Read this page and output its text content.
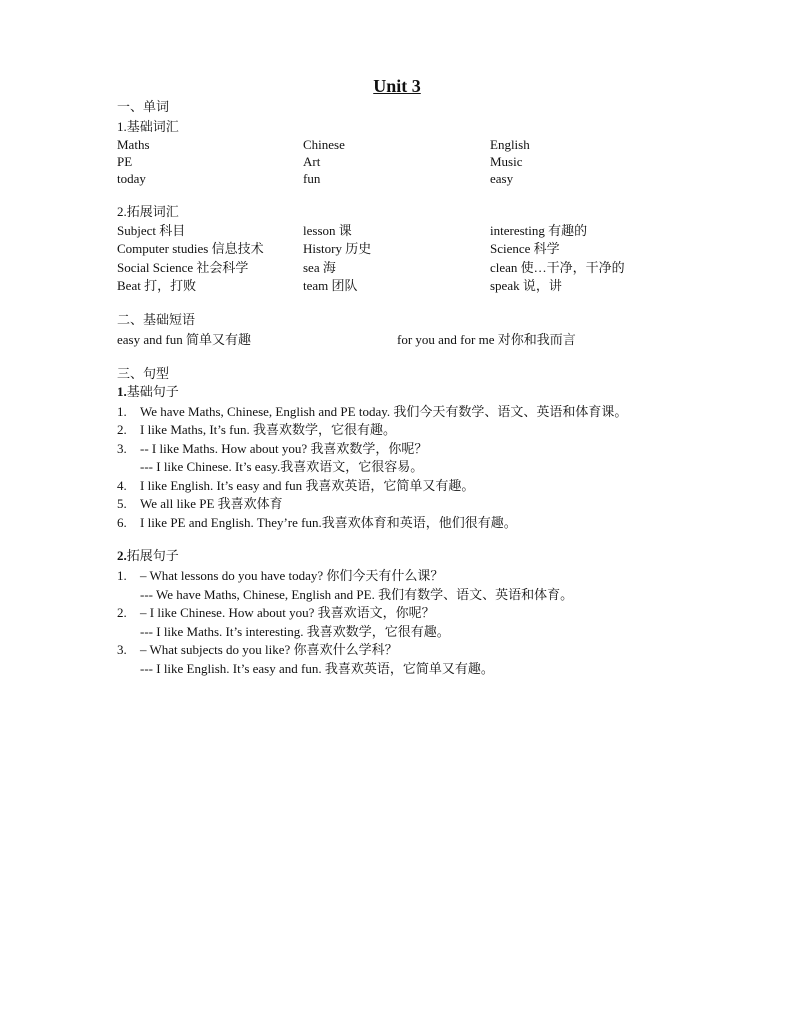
Unit 3
一、单词
1.基础词汇
Maths	Chinese	English
PE	Art	Music
today	fun	easy
2.拓展词汇
Subject 科目	lesson 课	interesting 有趣的
Computer studies 信息技术	History 历史	Science 科学
Social Science 社会科学	sea 海	clean 使…干净，干净的
Beat 打，打败	team 团队	speak 说，讲
二、基础短语
easy and fun 简单又有趣	for you and for me 对你和我而言
三、句型
1.基础句子
1. We have Maths, Chinese, English and PE today. 我们今天有数学、语文、英语和体育课。
2. I like Maths, It’s fun. 我喜欢数学，它很有趣。
3. -- I like Maths. How about you? 我喜欢数学，你呢？
--- I like Chinese. It’s easy.我喜欢语文，它很容易。
4. I like English. It’s easy and fun 我喜欢英语，它简单又有趣。
5. We all like PE 我喜欢体育
6. I like PE and English. They’re fun.我喜欢体育和英语，他们很有趣。
2.拓展句子
1. – What lessons do you have today? 你们今天有什么课？
--- We have Maths, Chinese, English and PE. 我们有数学、语文、英语和体育。
2. – I like Chinese. How about you? 我喜欢语文，你呢？
--- I like Maths. It’s interesting. 我喜欢数学，它很有趣。
3. – What subjects do you like? 你喜欢什么学科？
--- I like English. It’s easy and fun. 我喜欢英语，它简单又有趣。
